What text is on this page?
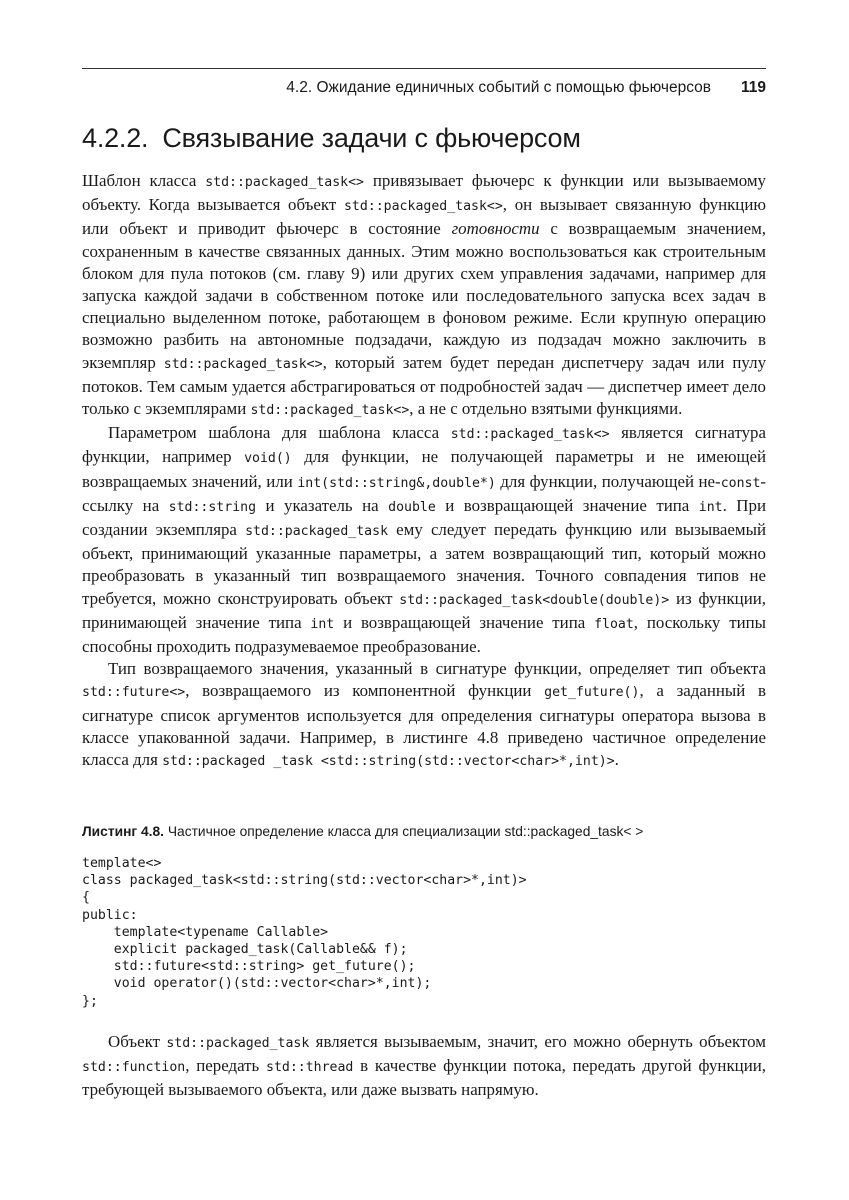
4.2. Ожидание единичных событий с помощью фьючерсов 119
4.2.2. Связывание задачи с фьючерсом

Шаблон класса std::packaged_task<> привязывает фьючерс к функции или вызываемому объекту. Когда вызывается объект std::packaged_task<>, он вызывает связанную функцию или объект и приводит фьючерс в состояние готовности с возвращаемым значением, сохраненным в качестве связанных данных. Этим можно воспользоваться как строительным блоком для пула потоков (см. главу 9) или других схем управления задачами, например для запуска каждой задачи в собственном потоке или последовательного запуска всех задач в специально выделенном потоке, работающем в фоновом режиме. Если крупную операцию возможно разбить на автономные подзадачи, каждую из подзадач можно заключить в экземпляр std::packaged_task<>, который затем будет передан диспетчеру задач или пулу потоков. Тем самым удается абстрагироваться от подробностей задач — диспетчер имеет дело только с экземплярами std::packaged_task<>, а не с отдельно взятыми функциями.

Параметром шаблона для шаблона класса std::packaged_task<> является сигнатура функции, например void() для функции, не получающей параметры и не имеющей возвращаемых значений, или int(std::string&,double*) для функции, получающей не-const-ссылку на std::string и указатель на double и возвращающей значение типа int. При создании экземпляра std::packaged_task ему следует передать функцию или вызываемый объект, принимающий указанные параметры, а затем возвращающий тип, который можно преобразовать в указанный тип возвращаемого значения. Точного совпадения типов не требуется, можно сконструировать объект std::packaged_task<double(double)> из функции, принимающей значение типа int и возвращающей значение типа float, поскольку типы способны проходить подразумеваемое преобразование.

Тип возвращаемого значения, указанный в сигнатуре функции, определяет тип объекта std::future<>, возвращаемого из компонентной функции get_future(), а заданный в сигнатуре список аргументов используется для определения сигнатуры оператора вызова в классе упакованной задачи. Например, в листинге 4.8 приведено частичное определение класса для std::packaged _task <std::string(std::vector<char>*,int)>.

Листинг 4.8. Частичное определение класса для специализации std::packaged_task< >
template<>
class packaged_task<std::string(std::vector<char>*,int)>
{
public:
template<typename Callable>
explicit packaged_task(Callable&& f);
std::future<std::string> get_future();
void operator()(std::vector<char>*,int);
};

Объект std::packaged_task является вызываемым, значит, его можно обернуть объектом std::function, передать std::thread в качестве функции потока, передать другой функции, требующей вызываемого объекта, или даже вызвать напрямую.
